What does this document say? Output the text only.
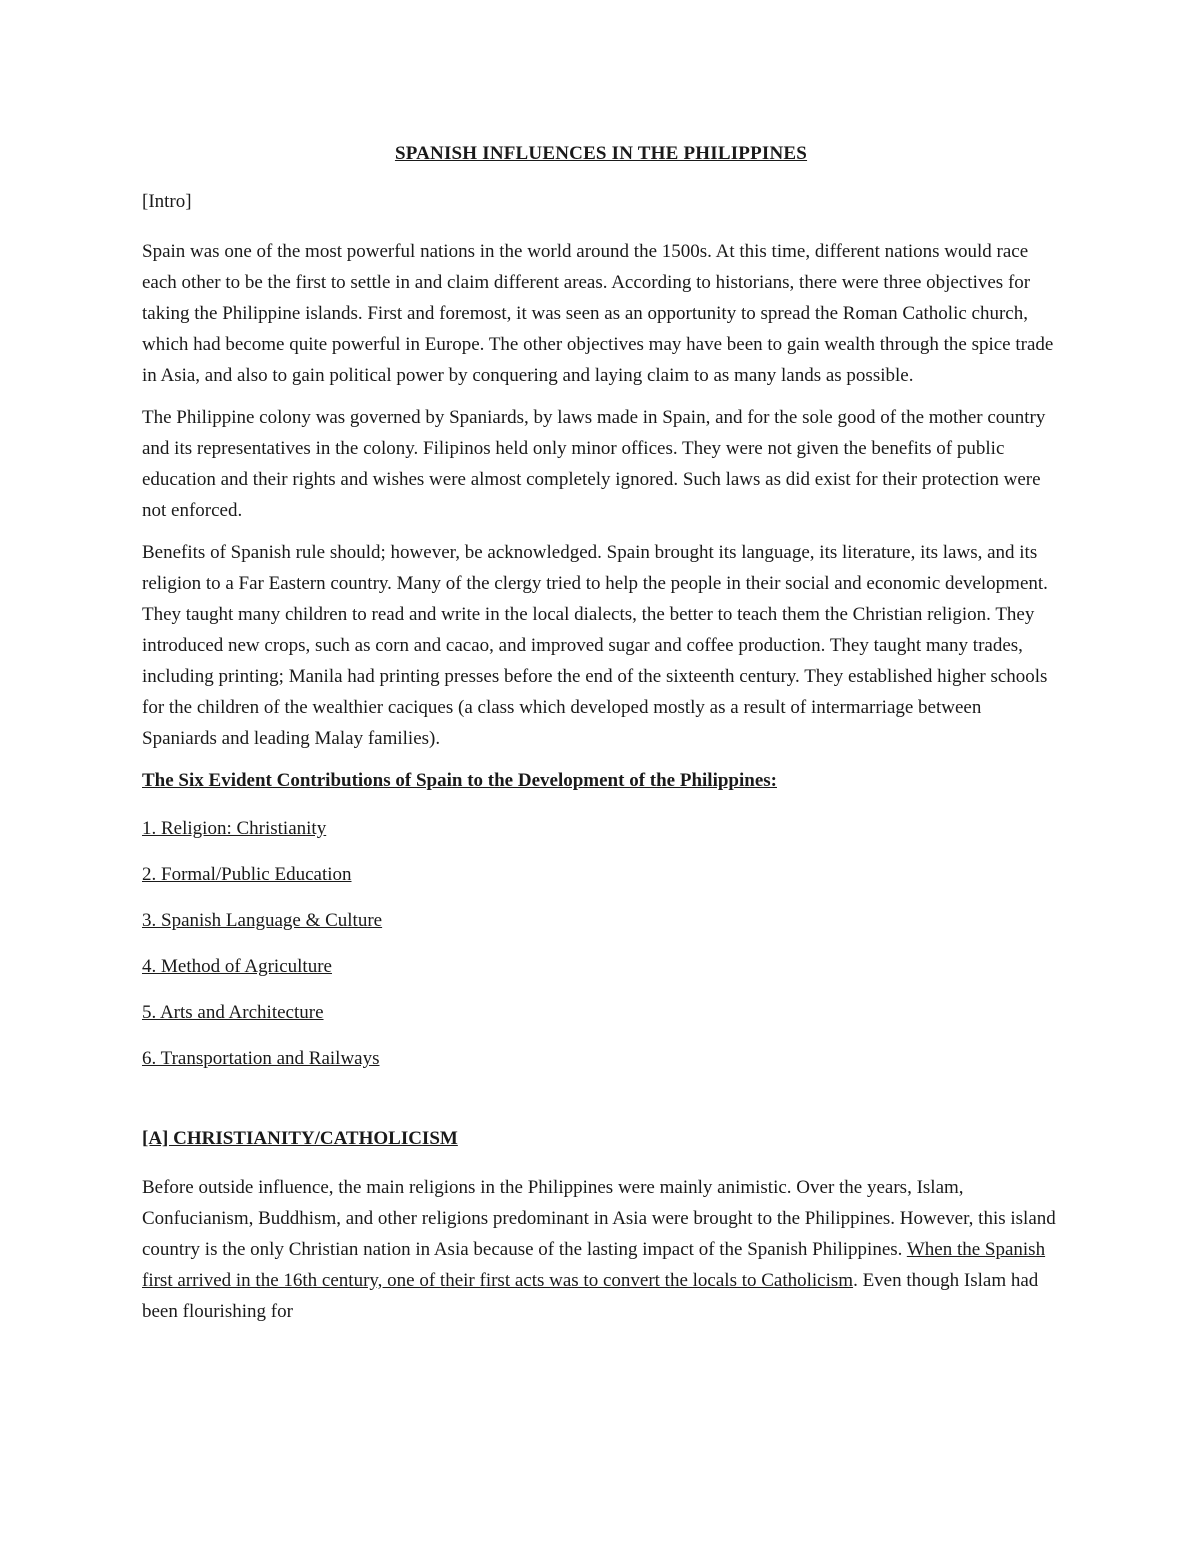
SPANISH INFLUENCES IN THE PHILIPPINES
[Intro]

Spain was one of the most powerful nations in the world around the 1500s. At this time, different nations would race each other to be the first to settle in and claim different areas. According to historians, there were three objectives for taking the Philippine islands. First and foremost, it was seen as an opportunity to spread the Roman Catholic church, which had become quite powerful in Europe. The other objectives may have been to gain wealth through the spice trade in Asia, and also to gain political power by conquering and laying claim to as many lands as possible.

The Philippine colony was governed by Spaniards, by laws made in Spain, and for the sole good of the mother country and its representatives in the colony. Filipinos held only minor offices. They were not given the benefits of public education and their rights and wishes were almost completely ignored. Such laws as did exist for their protection were not enforced.

Benefits of Spanish rule should; however, be acknowledged. Spain brought its language, its literature, its laws, and its religion to a Far Eastern country. Many of the clergy tried to help the people in their social and economic development. They taught many children to read and write in the local dialects, the better to teach them the Christian religion. They introduced new crops, such as corn and cacao, and improved sugar and coffee production. They taught many trades, including printing; Manila had printing presses before the end of the sixteenth century. They established higher schools for the children of the wealthier caciques (a class which developed mostly as a result of intermarriage between Spaniards and leading Malay families).

The Six Evident Contributions of Spain to the Development of the Philippines:
1. Religion: Christianity
2. Formal/Public Education
3. Spanish Language & Culture
4. Method of Agriculture
5. Arts and Architecture
6. Transportation and Railways
[A] CHRISTIANITY/CATHOLICISM

Before outside influence, the main religions in the Philippines were mainly animistic. Over the years, Islam, Confucianism, Buddhism, and other religions predominant in Asia were brought to the Philippines. However, this island country is the only Christian nation in Asia because of the lasting impact of the Spanish Philippines. When the Spanish first arrived in the 16th century, one of their first acts was to convert the locals to Catholicism. Even though Islam had been flourishing for
